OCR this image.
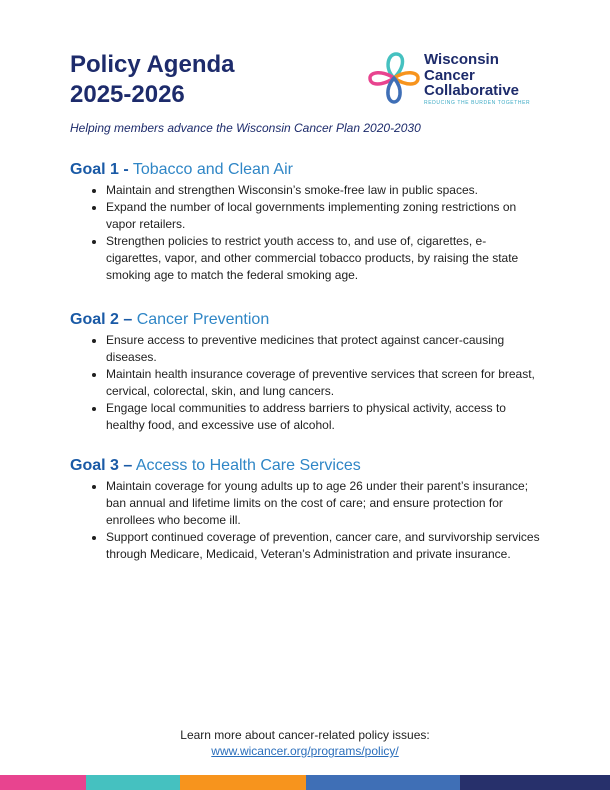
Policy Agenda
2025-2026
Wisconsin
Cancer
Collaborative
REDUCING THE BURDEN TOGETHER
Helping members advance the Wisconsin Cancer Plan 2020-2030
Goal 1 - Tobacco and Clean Air
• Maintain and strengthen Wisconsin’s smoke-free law in public spaces.
• Expand the number of local governments implementing zoning restrictions on vapor retailers.
• Strengthen policies to restrict youth access to, and use of, cigarettes, e-cigarettes, vapor, and other commercial tobacco products, by raising the state smoking age to match the federal smoking age.
Goal 2 – Cancer Prevention
• Ensure access to preventive medicines that protect against cancer-causing diseases.
• Maintain health insurance coverage of preventive services that screen for breast, cervical, colorectal, skin, and lung cancers.
• Engage local communities to address barriers to physical activity, access to healthy food, and excessive use of alcohol.
Goal 3 – Access to Health Care Services
• Maintain coverage for young adults up to age 26 under their parent’s insurance; ban annual and lifetime limits on the cost of care; and ensure protection for enrollees who become ill.
• Support continued coverage of prevention, cancer care, and survivorship services through Medicare, Medicaid, Veteran’s Administration and private insurance.
Learn more about cancer-related policy issues:
www.wicancer.org/programs/policy/
